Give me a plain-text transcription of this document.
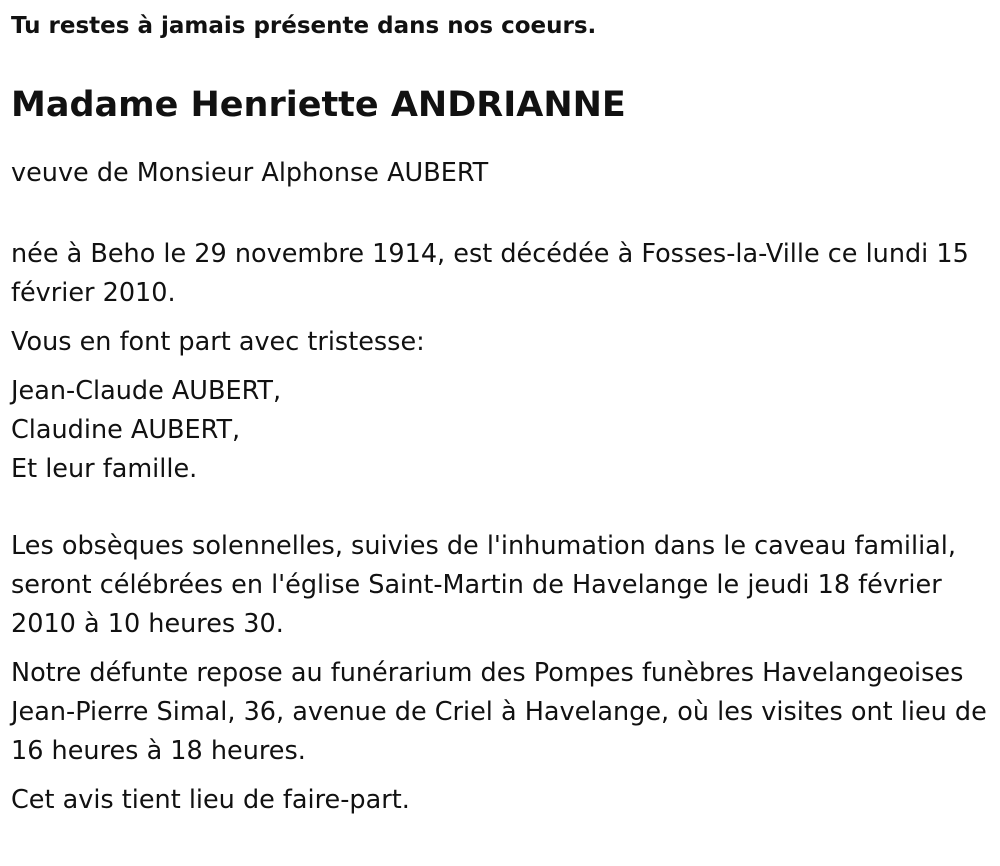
Tu restes à jamais présente dans nos coeurs.
Madame Henriette ANDRIANNE

veuve de Monsieur Alphonse AUBERT

née à Beho le 29 novembre 1914, est décédée à Fosses-la-Ville ce lundi 15 février 2010.

Vous en font part avec tristesse:

Jean-Claude AUBERT,
Claudine AUBERT,
Et leur famille.

Les obsèques solennelles, suivies de l'inhumation dans le caveau familial, seront célébrées en l'église Saint-Martin de Havelange le jeudi 18 février 2010 à 10 heures 30.

Notre défunte repose au funérarium des Pompes funèbres Havelangeoises Jean-Pierre Simal, 36, avenue de Criel à Havelange, où les visites ont lieu de 16 heures à 18 heures.

Cet avis tient lieu de faire-part.
